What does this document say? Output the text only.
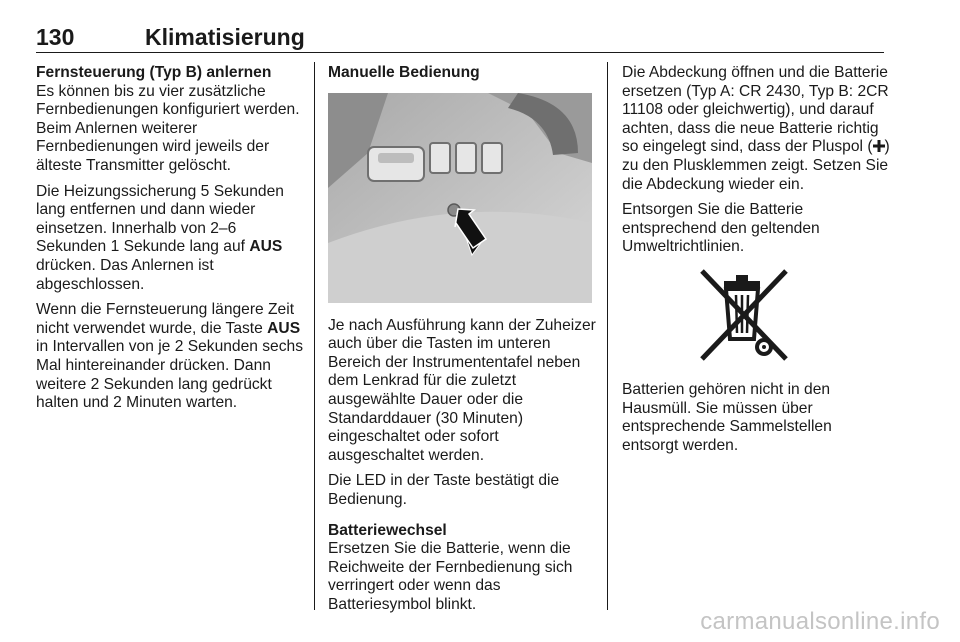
130	Klimatisierung

Fernsteuerung (Typ B) anlernen
Es können bis zu vier zusätzliche Fernbedienungen konfiguriert werden. Beim Anlernen weiterer Fernbedienungen wird jeweils der älteste Transmitter gelöscht.

Die Heizungssicherung 5 Sekunden lang entfernen und dann wieder einsetzen. Innerhalb von 2–6 Sekunden 1 Sekunde lang auf AUS drücken. Das Anlernen ist abgeschlossen.

Wenn die Fernsteuerung längere Zeit nicht verwendet wurde, die Taste AUS in Intervallen von je 2 Sekunden sechs Mal hintereinander drücken. Dann weitere 2 Sekunden lang gedrückt halten und 2 Minuten warten.

Manuelle Bedienung

Je nach Ausführung kann der Zuheizer auch über die Tasten im unteren Bereich der Instrumententafel neben dem Lenkrad für die zuletzt ausgewählte Dauer oder die Standarddauer (30 Minuten) eingeschaltet oder sofort ausgeschaltet werden.

Die LED in der Taste bestätigt die Bedienung.

Batteriewechsel
Ersetzen Sie die Batterie, wenn die Reichweite der Fernbedienung sich verringert oder wenn das Batteriesymbol blinkt.

Die Abdeckung öffnen und die Batterie ersetzen (Typ A: CR 2430, Typ B: 2CR 11108 oder gleichwertig), und darauf achten, dass die neue Batterie richtig so eingelegt sind, dass der Pluspol ( ) zu den Plusklemmen zeigt. Setzen Sie die Abdeckung wieder ein.

Entsorgen Sie die Batterie entsprechend den geltenden Umweltrichtlinien.

Batterien gehören nicht in den Hausmüll. Sie müssen über entsprechende Sammelstellen entsorgt werden.

carmanualsonline.info
